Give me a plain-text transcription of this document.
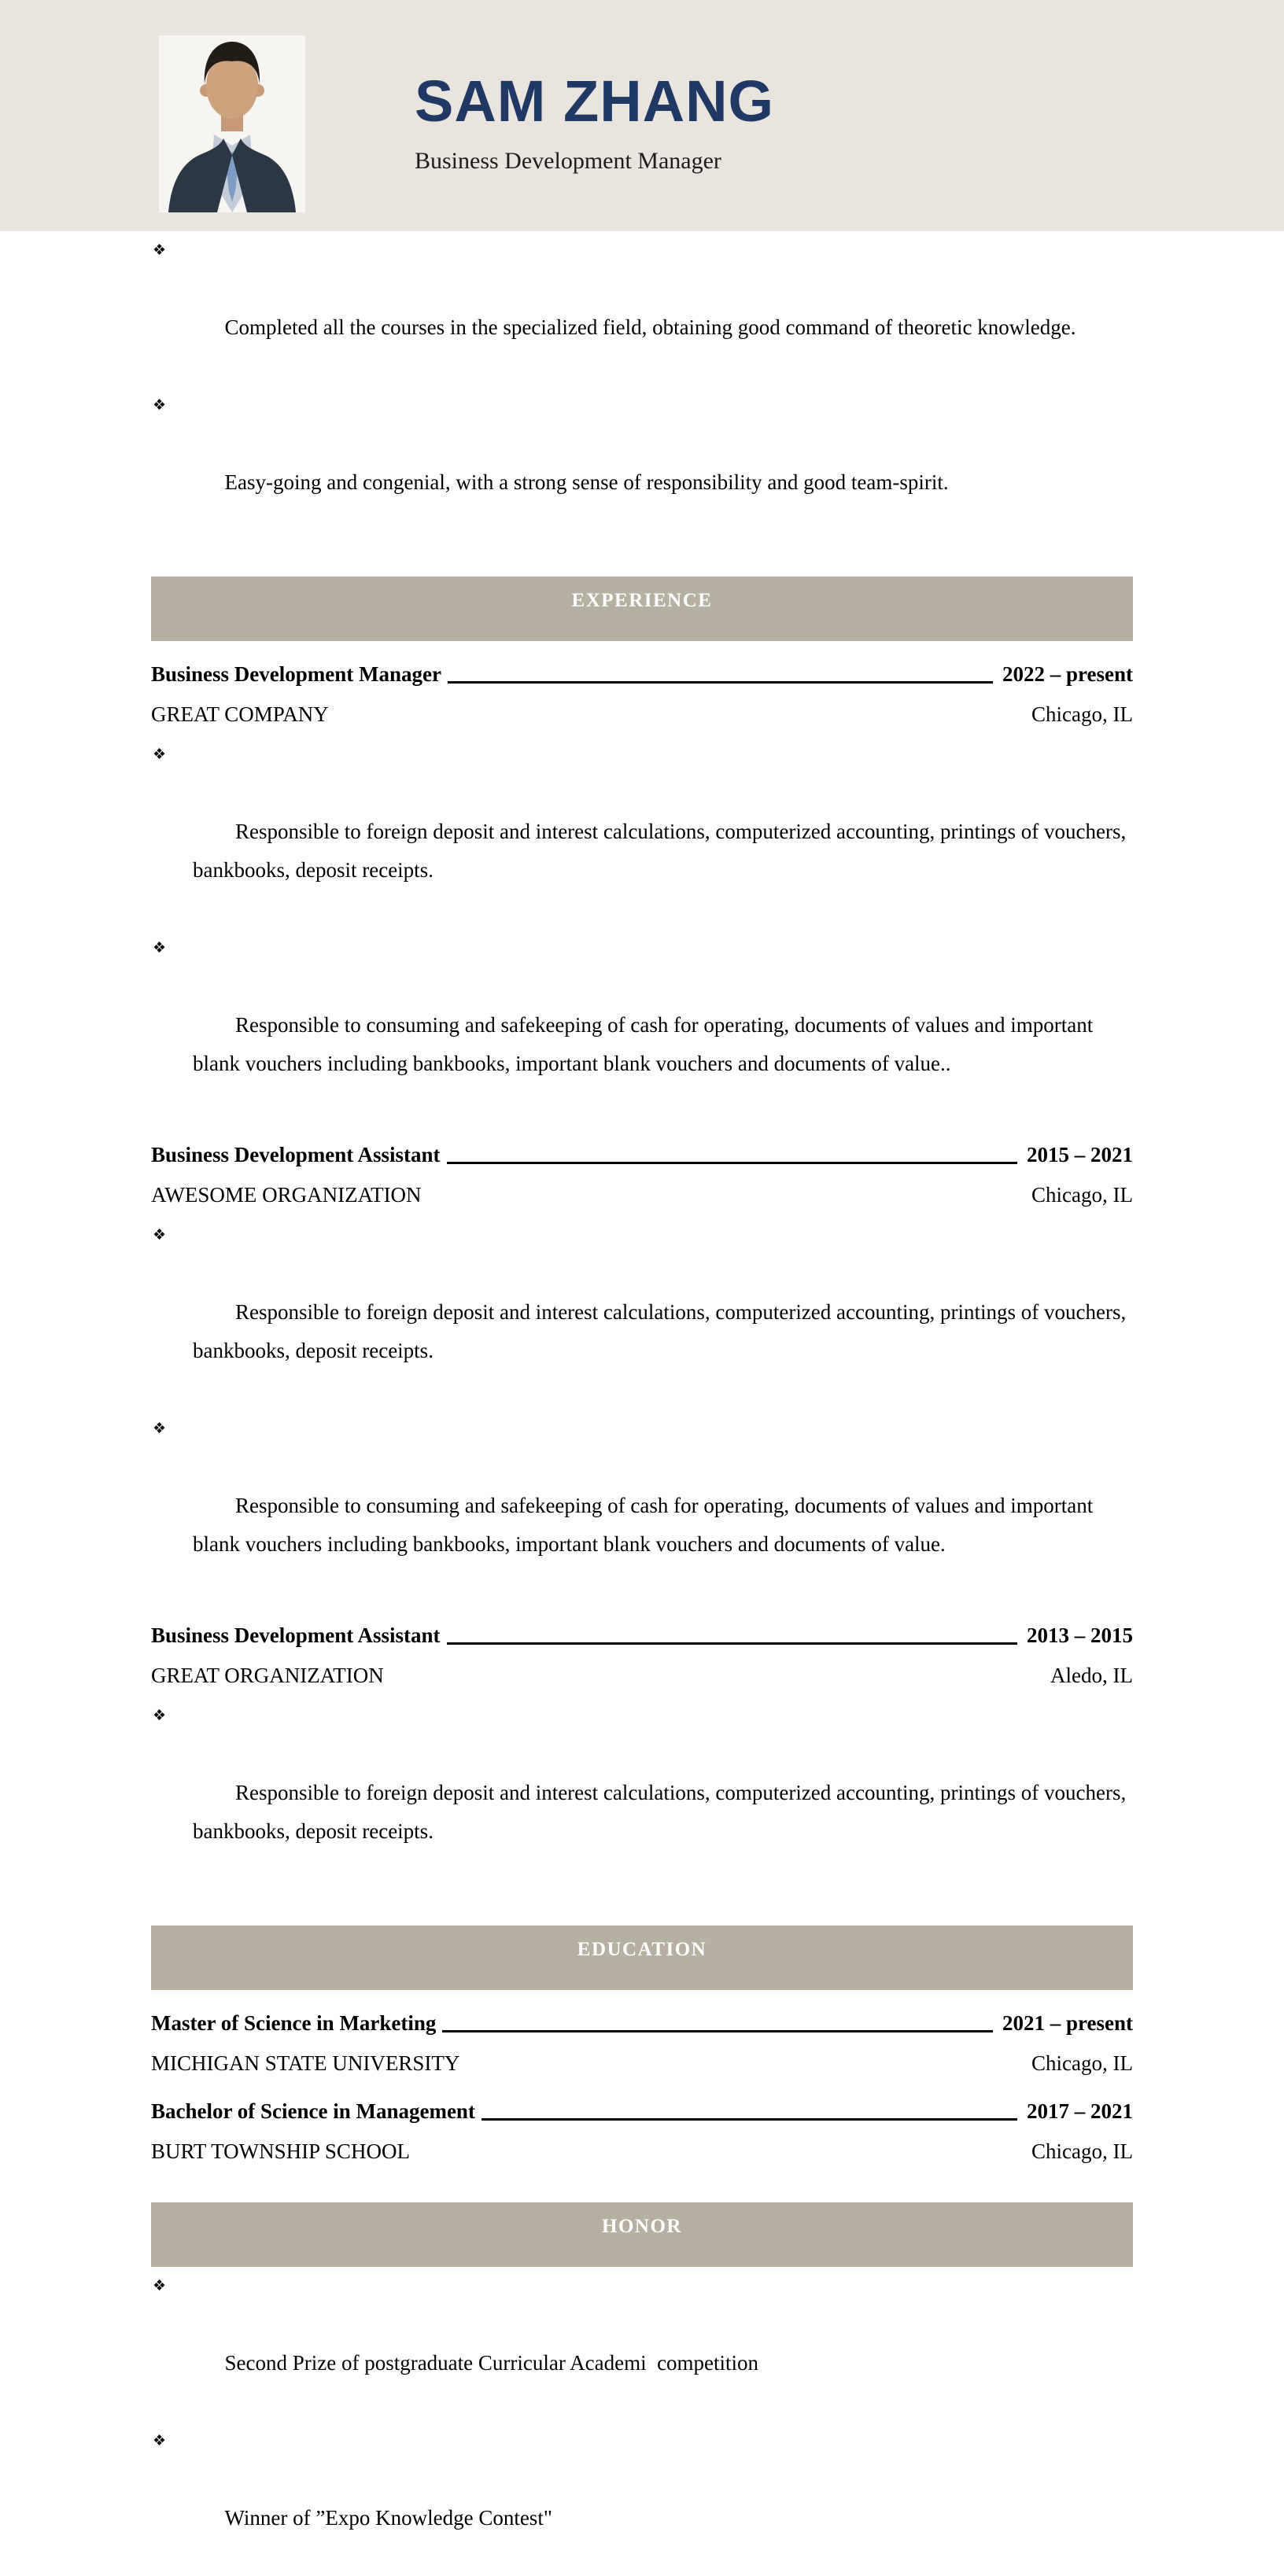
SAM ZHANG
Business Development Manager

❖

Completed all the courses in the specialized field, obtaining good command of theoretic knowledge.

❖

Easy-going and congenial, with a strong sense of responsibility and good team-spirit.

EXPERIENCE
Business Development Manager	2022 – present
GREAT COMPANY	Chicago, IL

❖

Responsible to foreign deposit and interest calculations, computerized accounting, printings of vouchers, bankbooks, deposit receipts.

❖

Responsible to consuming and safekeeping of cash for operating, documents of values and important blank vouchers including bankbooks, important blank vouchers and documents of value..

Business Development Assistant	2015 – 2021
AWESOME ORGANIZATION	Chicago, IL

❖

Responsible to foreign deposit and interest calculations, computerized accounting, printings of vouchers, bankbooks, deposit receipts.

❖

Responsible to consuming and safekeeping of cash for operating, documents of values and important blank vouchers including bankbooks, important blank vouchers and documents of value.

Business Development Assistant	2013 – 2015
GREAT ORGANIZATION	Aledo, IL

❖

Responsible to foreign deposit and interest calculations, computerized accounting, printings of vouchers, bankbooks, deposit receipts.

EDUCATION
Master of Science in Marketing	2021 – present
MICHIGAN STATE UNIVERSITY	Chicago, IL
Bachelor of Science in Management	2017 – 2021
BURT TOWNSHIP SCHOOL	Chicago, IL
HONOR

❖

Second Prize of postgraduate Curricular Academi  competition

❖

Winner of ”Expo Knowledge Contest"
